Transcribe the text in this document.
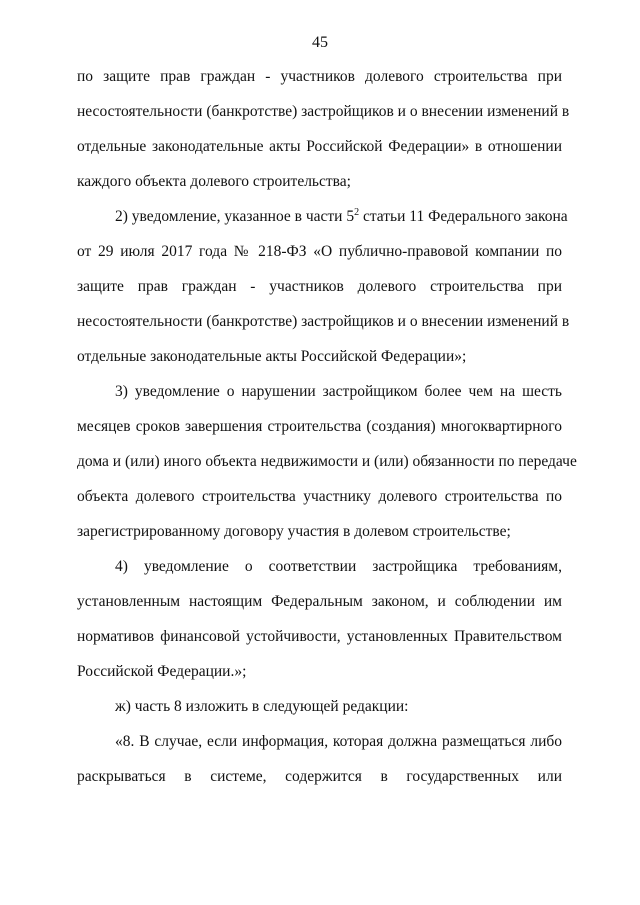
45
по защите прав граждан - участников долевого строительства при
несостоятельности (банкротстве) застройщиков и о внесении изменений в
отдельные законодательные акты Российской Федерации» в отношении
каждого объекта долевого строительства;
2) уведомление, указанное в части $5^2$ статьи 11 Федерального закона
от 29 июля 2017 года № 218-ФЗ «О публично-правовой компании по
защите прав граждан - участников долевого строительства при
несостоятельности (банкротстве) застройщиков и о внесении изменений в
отдельные законодательные акты Российской Федерации»;
3) уведомление о нарушении застройщиком более чем на шесть
месяцев сроков завершения строительства (создания) многоквартирного
дома и (или) иного объекта недвижимости и (или) обязанности по передаче
объекта долевого строительства участнику долевого строительства по
зарегистрированному договору участия в долевом строительстве;
4) уведомление о соответствии застройщика требованиям,
установленным настоящим Федеральным законом, и соблюдении им
нормативов финансовой устойчивости, установленных Правительством
Российской Федерации.»;
ж) часть 8 изложить в следующей редакции:
«8. В случае, если информация, которая должна размещаться либо
раскрываться в системе, содержится в государственных или
